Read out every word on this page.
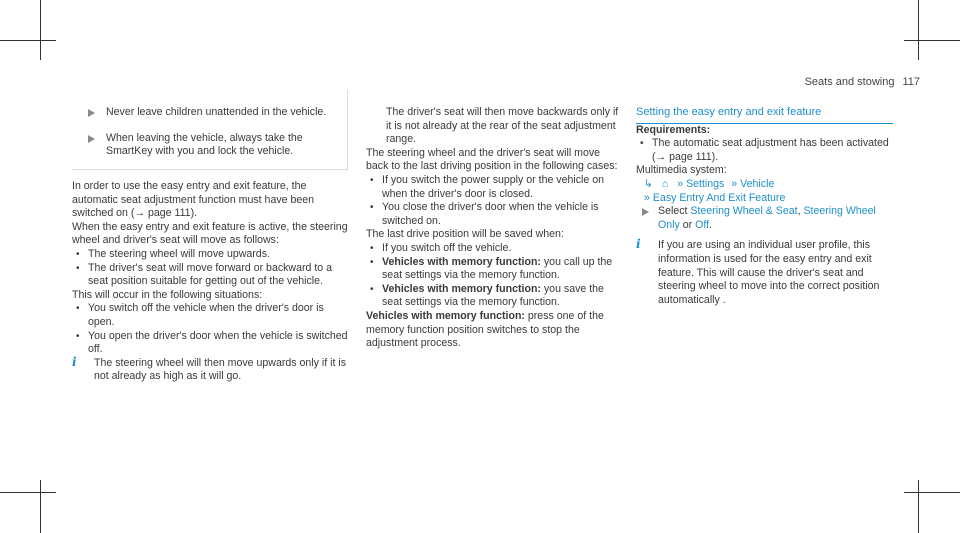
Seats and stowing 117

Never leave children unattended in the vehicle.

When leaving the vehicle, always take the SmartKey with you and lock the vehicle.

In order to use the easy entry and exit feature, the automatic seat adjustment function must have been switched on (→ page 111).

When the easy entry and exit feature is active, the steering wheel and driver's seat will move as follows:

• The steering wheel will move upwards.

• The driver's seat will move forward or backward to a seat position suitable for getting out of the vehicle.

This will occur in the following situations:

• You switch off the vehicle when the driver's door is open.

• You open the driver's door when the vehicle is switched off.

i	The steering wheel will then move upwards only if it is not already as high as it will go.

The driver's seat will then move backwards only if it is not already at the rear of the seat adjustment range.

The steering wheel and the driver's seat will move back to the last driving position in the following cases:

• If you switch the power supply or the vehicle on when the driver's door is closed.

• You close the driver's door when the vehicle is switched on.

The last drive position will be saved when:

• If you switch off the vehicle.

• Vehicles with memory function: you call up the seat settings via the memory function.

• Vehicles with memory function: you save the seat settings via the memory function.

Vehicles with memory function: press one of the memory function position switches to stop the adjustment process.

Setting the easy entry and exit feature

Requirements:

• The automatic seat adjustment has been activated (→ page 111).

Multimedia system:

↳ ⌂ » Settings » Vehicle

» Easy Entry And Exit Feature

Select Steering Wheel & Seat, Steering Wheel Only or Off.

i	If you are using an individual user profile, this information is used for the easy entry and exit feature. This will cause the driver's seat and steering wheel to move into the correct position automatically .
